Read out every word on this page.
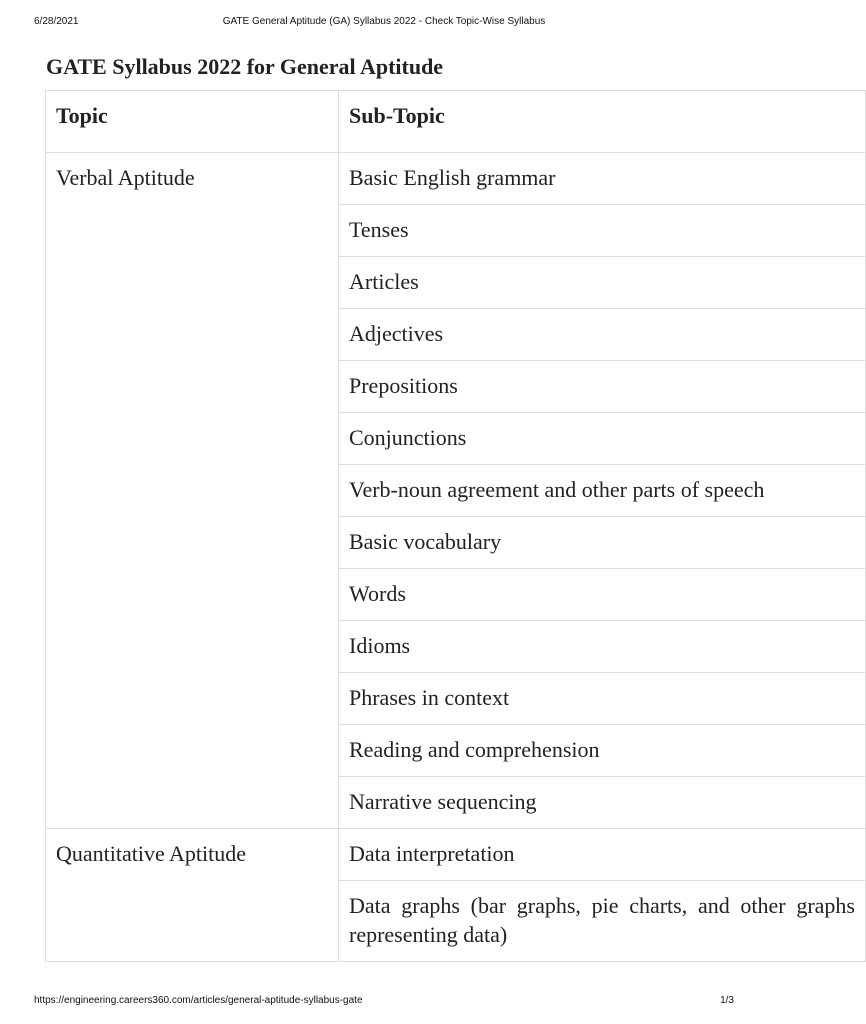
6/28/2021	GATE General Aptitude (GA) Syllabus 2022 - Check Topic-Wise Syllabus
GATE Syllabus 2022 for General Aptitude
Topic	Sub-Topic
Verbal Aptitude	Basic English grammar
	Tenses
	Articles
	Adjectives
	Prepositions
	Conjunctions
	Verb-noun agreement and other parts of speech
	Basic vocabulary
	Words
	Idioms
	Phrases in context
	Reading and comprehension
	Narrative sequencing
Quantitative Aptitude	Data interpretation
	Data graphs (bar graphs, pie charts, and other graphs representing data)
https://engineering.careers360.com/articles/general-aptitude-syllabus-gate	1/3
